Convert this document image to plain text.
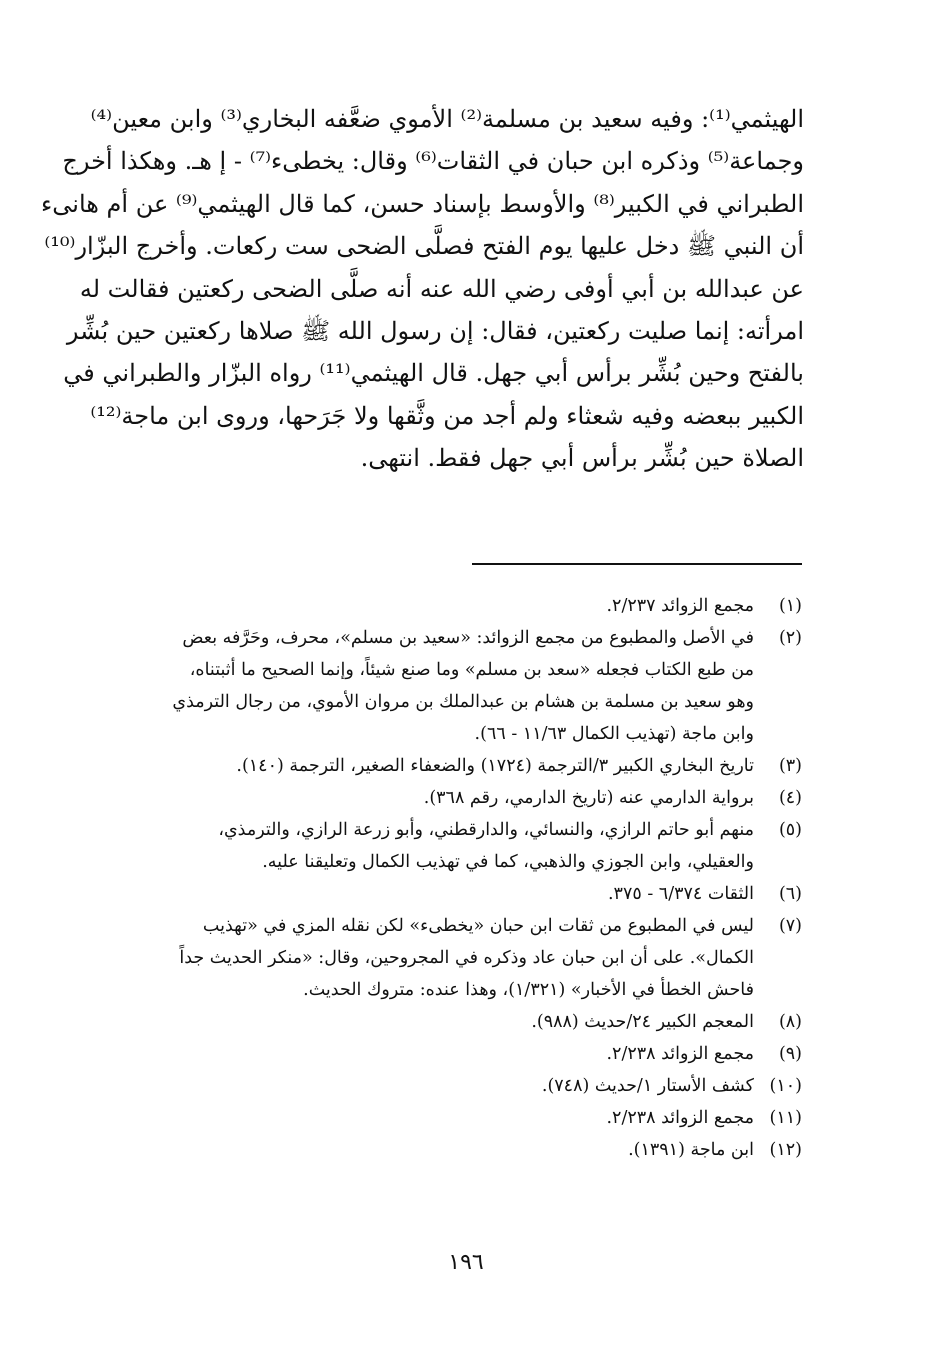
الهيثمي⁽¹⁾: وفيه سعيد بن مسلمة⁽²⁾ الأموي ضعَّفه البخاري⁽³⁾ وابن معين⁽⁴⁾
وجماعة⁽⁵⁾ وذكره ابن حبان في الثقات⁽⁶⁾ وقال: يخطىء⁽⁷⁾ - إ هـ. وهكذا أخرج
الطبراني في الكبير⁽⁸⁾ والأوسط بإسناد حسن، كما قال الهيثمي⁽⁹⁾ عن أم هانىء
أن النبي ﷺ دخل عليها يوم الفتح فصلَّى الضحى ست ركعات. وأخرج البزّار⁽¹⁰⁾
عن عبدالله بن أبي أوفى رضي الله عنه أنه صلَّى الضحى ركعتين فقالت له
امرأته: إنما صليت ركعتين، فقال: إن رسول الله ﷺ صلاها ركعتين حين بُشِّر
بالفتح وحين بُشِّر برأس أبي جهل. قال الهيثمي⁽¹¹⁾ رواه البزّار والطبراني في
الكبير ببعضه وفيه شعثاء ولم أجد من وثَّقها ولا جَرَحها، وروى ابن ماجة⁽¹²⁾
الصلاة حين بُشِّر برأس أبي جهل فقط. انتهى.

(١)
مجمع الزوائد ٢/٢٣٧.
(٢)
في الأصل والمطبوع من مجمع الزوائد: «سعيد بن مسلم»، محرف، وحَرَّفه بعض
من طبع الكتاب فجعله «سعد بن مسلم» وما صنع شيئاً، وإنما الصحيح ما أثبتناه،
وهو سعيد بن مسلمة بن هشام بن عبدالملك بن مروان الأموي، من رجال الترمذي
وابن ماجة (تهذيب الكمال ١١/٦٣ - ٦٦).
(٣)
تاريخ البخاري الكبير ٣/الترجمة (١٧٢٤) والضعفاء الصغير، الترجمة (١٤٠).
(٤)
برواية الدارمي عنه (تاريخ الدارمي، رقم ٣٦٨).
(٥)
منهم أبو حاتم الرازي، والنسائي، والدارقطني، وأبو زرعة الرازي، والترمذي،
والعقيلي، وابن الجوزي والذهبي، كما في تهذيب الكمال وتعليقنا عليه.
(٦)
الثقات ٦/٣٧٤ - ٣٧٥.
(٧)
ليس في المطبوع من ثقات ابن حبان «يخطىء» لكن نقله المزي في «تهذيب
الكمال». على أن ابن حبان عاد وذكره في المجروحين، وقال: «منكر الحديث جداً
فاحش الخطأ في الأخبار» (١/٣٢١)، وهذا عنده: متروك الحديث.
(٨)
المعجم الكبير ٢٤/حديث (٩٨٨).
(٩)
مجمع الزوائد ٢/٢٣٨.
(١٠)
كشف الأستار ١/حديث (٧٤٨).
(١١)
مجمع الزوائد ٢/٢٣٨.
(١٢)
ابن ماجة (١٣٩١).
١٩٦
